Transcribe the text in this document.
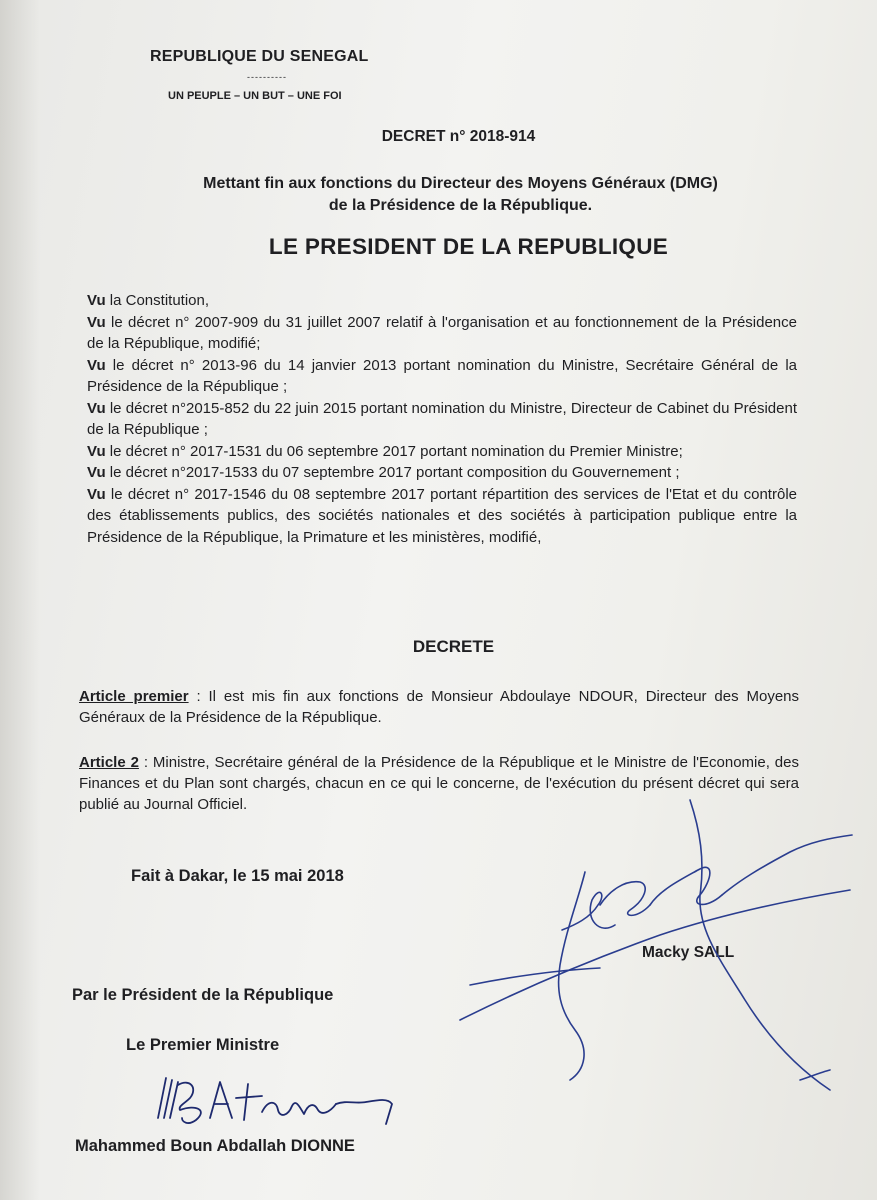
REPUBLIQUE DU SENEGAL
----------
UN PEUPLE – UN BUT – UNE FOI
DECRET n° 2018-914
Mettant fin aux fonctions du Directeur des Moyens Généraux (DMG)
de la Présidence de la République.
LE PRESIDENT DE LA REPUBLIQUE

Vu la Constitution,

Vu le décret n° 2007-909 du 31 juillet 2007 relatif à l'organisation et au fonctionnement de la Présidence de la République, modifié;

Vu le décret n° 2013-96 du 14 janvier 2013 portant nomination du Ministre, Secrétaire Général de la Présidence de la République ;

Vu le décret n°2015-852 du 22 juin 2015 portant nomination du Ministre, Directeur de Cabinet du Président de la République ;

Vu le décret n° 2017-1531 du 06 septembre 2017 portant nomination du Premier Ministre;

Vu le décret n°2017-1533 du 07 septembre 2017 portant composition du Gouvernement ;

Vu le décret n° 2017-1546 du 08 septembre 2017 portant répartition des services de l'Etat et du contrôle des établissements publics, des sociétés nationales et des sociétés à participation publique entre la Présidence de la République, la Primature et les ministères, modifié,

DECRETE
Article premier : Il est mis fin aux fonctions de Monsieur Abdoulaye NDOUR, Directeur des Moyens Généraux de la Présidence de la République.
Article 2 : Ministre, Secrétaire général de la Présidence de la République et le Ministre de l'Economie, des Finances et du Plan sont chargés, chacun en ce qui le concerne, de l'exécution du présent décret qui sera publié au Journal Officiel.
Fait à Dakar, le 15 mai 2018
Macky SALL
Par le Président de la République
Le Premier Ministre
Mahammed Boun Abdallah DIONNE
